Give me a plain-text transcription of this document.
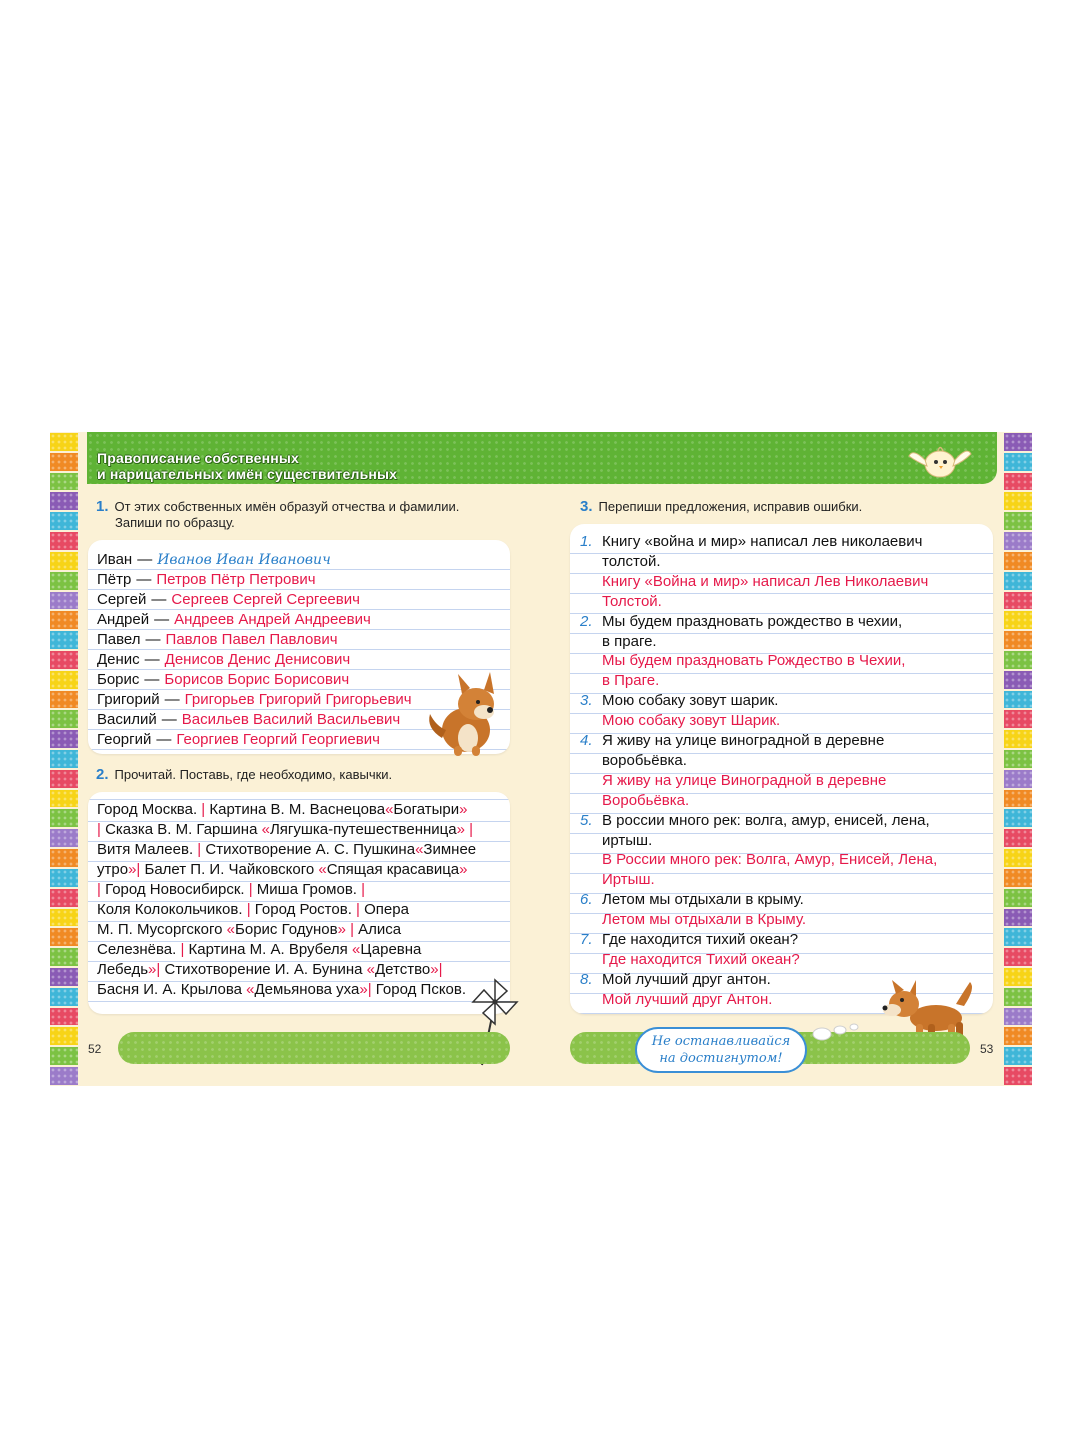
Правописание собственных
и нарицательных имён существительных
1. От этих собственных имён образуй отчества и фамилии.
Запиши по образцу.
Иван — Иванов Иван Иванович
Пётр — Петров Пётр Петрович
Сергей — Сергеев Сергей Сергеевич
Андрей — Андреев Андрей Андреевич
Павел — Павлов Павел Павлович
Денис — Денисов Денис Денисович
Борис — Борисов Борис Борисович
Григорий — Григорьев Григорий Григорьевич
Василий — Васильев Василий Васильевич
Георгий — Георгиев Георгий Георгиевич
2. Прочитай. Поставь, где необходимо, кавычки.
Город Москва. | Картина В. М. Васнецова«Богатыри»
| Сказка В. М. Гаршина «Лягушка-путешественница» |
Витя Малеев. | Стихотворение А. С. Пушкина«Зимнее
утро»| Балет П. И. Чайковского «Спящая красавица»
| Город Новосибирск. | Миша Громов. |
Коля Колокольчиков. | Город Ростов. | Опера
М. П. Мусоргского «Борис Годунов» | Алиса
Селезнёва. | Картина М. А. Врубеля «Царевна
Лебедь»| Стихотворение И. А. Бунина «Детство»|
Басня И. А. Крылова «Демьянова уха»| Город Псков.
3. Перепиши предложения, исправив ошибки.
1. Книгу «война и мир» написал лев николаевич
толстой.
Книгу «Война и мир» написал Лев Николаевич
Толстой.
2. Мы будем праздновать рождество в чехии,
в праге.
Мы будем праздновать Рождество в Чехии,
в Праге.
3. Мою собаку зовут шарик.
Мою собаку зовут Шарик.
4. Я живу на улице виноградной в деревне
воробьёвка.
Я живу на улице Виноградной в деревне
Воробьёвка.
5. В россии много рек: волга, амур, енисей, лена,
иртыш.
В России много рек: Волга, Амур, Енисей, Лена,
Иртыш.
6. Летом мы отдыхали в крыму.
Летом мы отдыхали в Крыму.
7. Где находится тихий океан?
Где находится Тихий океан?
8. Мой лучший друг антон.
Мой лучший друг Антон.
Не останавливайся
на достигнутом!
52	53
